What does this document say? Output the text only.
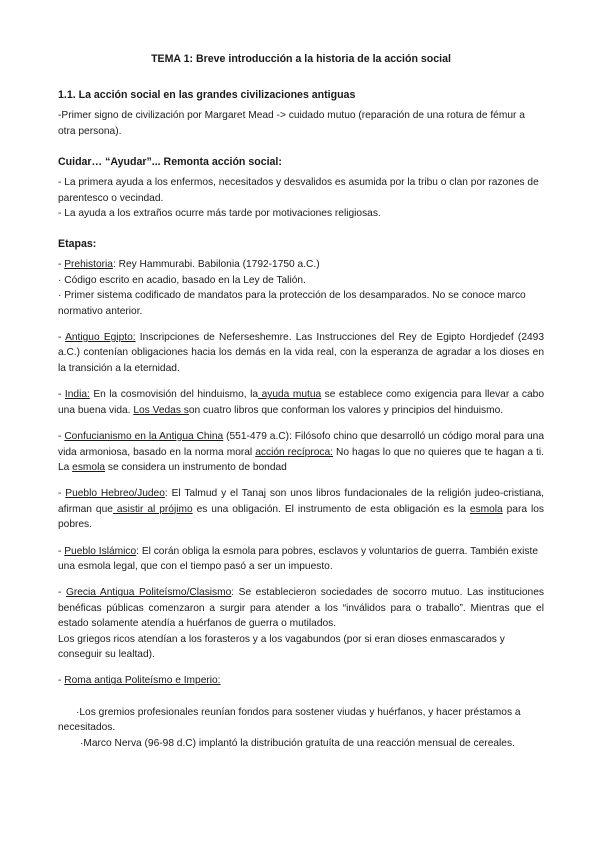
TEMA 1: Breve introducción a la historia de la acción social

1.1. La acción social en las grandes civilizaciones antiguas

-Primer signo de civilización por Margaret Mead -> cuidado mutuo (reparación de una rotura de fémur a otra persona).

Cuidar… “Ayudar”... Remonta acción social:

- La primera ayuda a los enfermos, necesitados y desvalidos es asumida por la tribu o clan por razones de parentesco o vecindad.

- La ayuda a los extraños ocurre más tarde por motivaciones religiosas.

Etapas:

- Prehistoria: Rey Hammurabi. Babilonia (1792-1750 a.C.)

· Código escrito en acadio, basado en la Ley de Talión.

· Primer sistema codificado de mandatos para la protección de los desamparados. No se conoce marco normativo anterior.

- Antiguo Egipto: Inscripciones de Neferseshemre. Las Instrucciones del Rey de Egipto Hordjedef (2493 a.C.) contenían obligaciones hacia los demás en la vida real, con la esperanza de agradar a los dioses en la transición a la eternidad.

- India: En la cosmovisión del hinduismo, la ayuda mutua se establece como exigencia para llevar a cabo una buena vida. Los Vedas son cuatro libros que conforman los valores y principios del hinduismo.

- Confucianismo en la Antigua China (551-479 a.C): Filósofo chino que desarrolló un código moral para una vida armoniosa, basado en la norma moral acción recíproca: No hagas lo que no quieres que te hagan a ti. La esmola se considera un instrumento de bondad

- Pueblo Hebreo/Judeo: El Talmud y el Tanaj son unos libros fundacionales de la religión judeo-cristiana, afirman que asistir al prójimo es una obligación. El instrumento de esta obligación es la esmola para los pobres.

- Pueblo Islámico: El corán obliga la esmola para pobres, esclavos y voluntarios de guerra. También existe una esmola legal, que con el tiempo pasó a ser un impuesto.

- Grecia Antigua Politeísmo/Clasismo: Se establecieron sociedades de socorro mutuo. Las instituciones benéficas públicas comenzaron a surgir para atender a los “inválidos para o traballo”. Mientras que el estado solamente atendía a huérfanos de guerra o mutilados.

Los griegos ricos atendían a los forasteros y a los vagabundos (por si eran dioses enmascarados y conseguir su lealtad).

- Roma antiga Politeísmo e Imperio:

·Los gremios profesionales reunían fondos para sostener viudas y huérfanos, y hacer préstamos a necesitados.

·Marco Nerva (96-98 d.C) implantó la distribución gratuíta de una reacción mensual de cereales.
